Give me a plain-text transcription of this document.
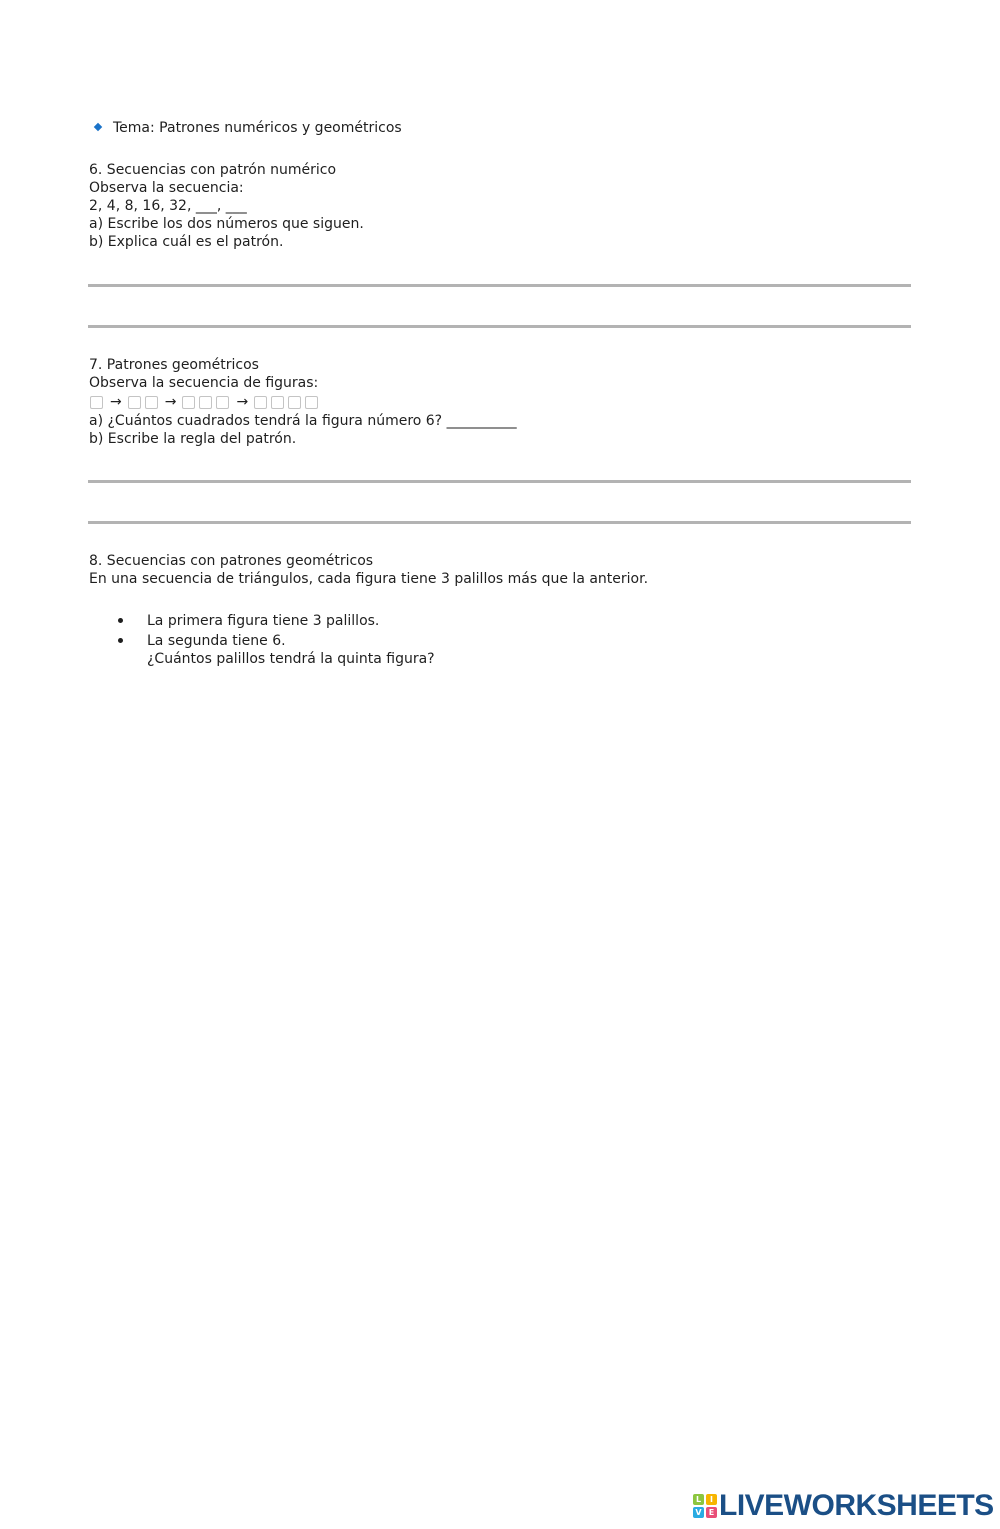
Tema: Patrones numéricos y geométricos
6. Secuencias con patrón numérico
Observa la secuencia:
2, 4, 8, 16, 32, ___, ___
a) Escribe los dos números que siguen.
b) Explica cuál es el patrón.
7. Patrones geométricos
Observa la secuencia de figuras:
→	→	→
a) ¿Cuántos cuadrados tendrá la figura número 6? __________
b) Escribe la regla del patrón.
8. Secuencias con patrones geométricos
En una secuencia de triángulos, cada figura tiene 3 palillos más que la anterior.
La primera figura tiene 3 palillos.
La segunda tiene 6.
¿Cuántos palillos tendrá la quinta figura?
L	I
V E LIVEWORKSHEETS
